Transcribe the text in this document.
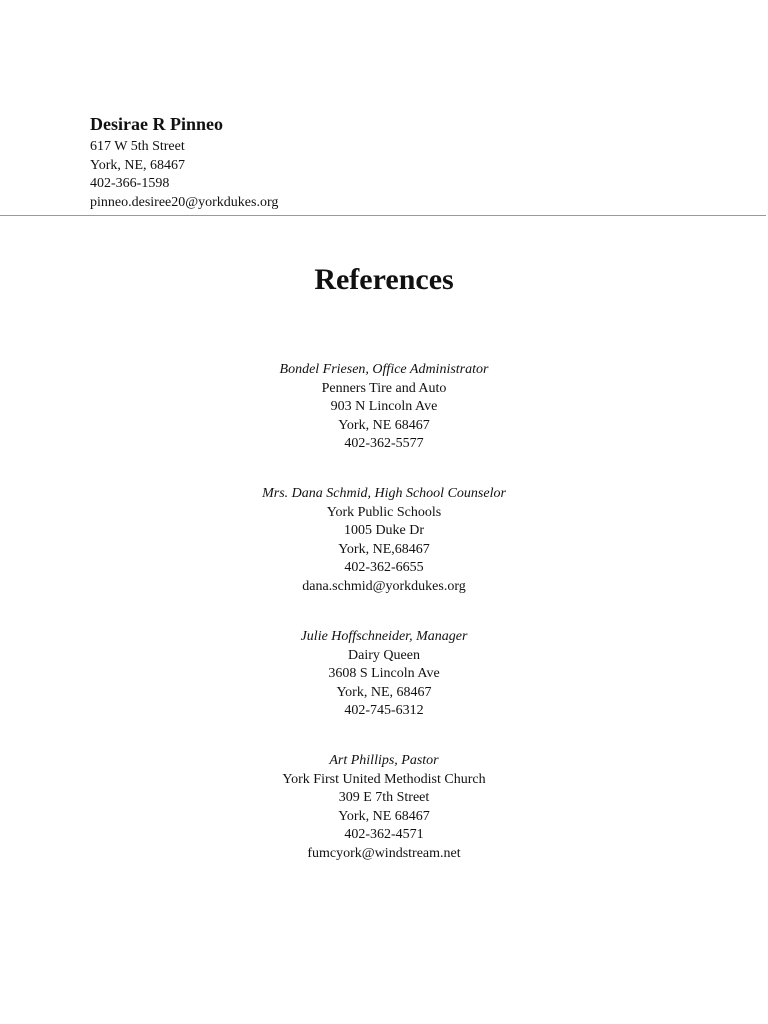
Desirae R Pinneo
617 W 5th Street
York, NE, 68467
402-366-1598
pinneo.desiree20@yorkdukes.org
References
Bondel Friesen, Office Administrator
Penners Tire and Auto
903 N Lincoln Ave
York, NE 68467
402-362-5577
Mrs. Dana Schmid, High School Counselor
York Public Schools
1005 Duke Dr
York, NE,68467
402-362-6655
dana.schmid@yorkdukes.org
Julie Hoffschneider, Manager
Dairy Queen
3608 S Lincoln Ave
York, NE, 68467
402-745-6312
Art Phillips, Pastor
York First United Methodist Church
309 E 7th Street
York, NE 68467
402-362-4571
fumcyork@windstream.net
